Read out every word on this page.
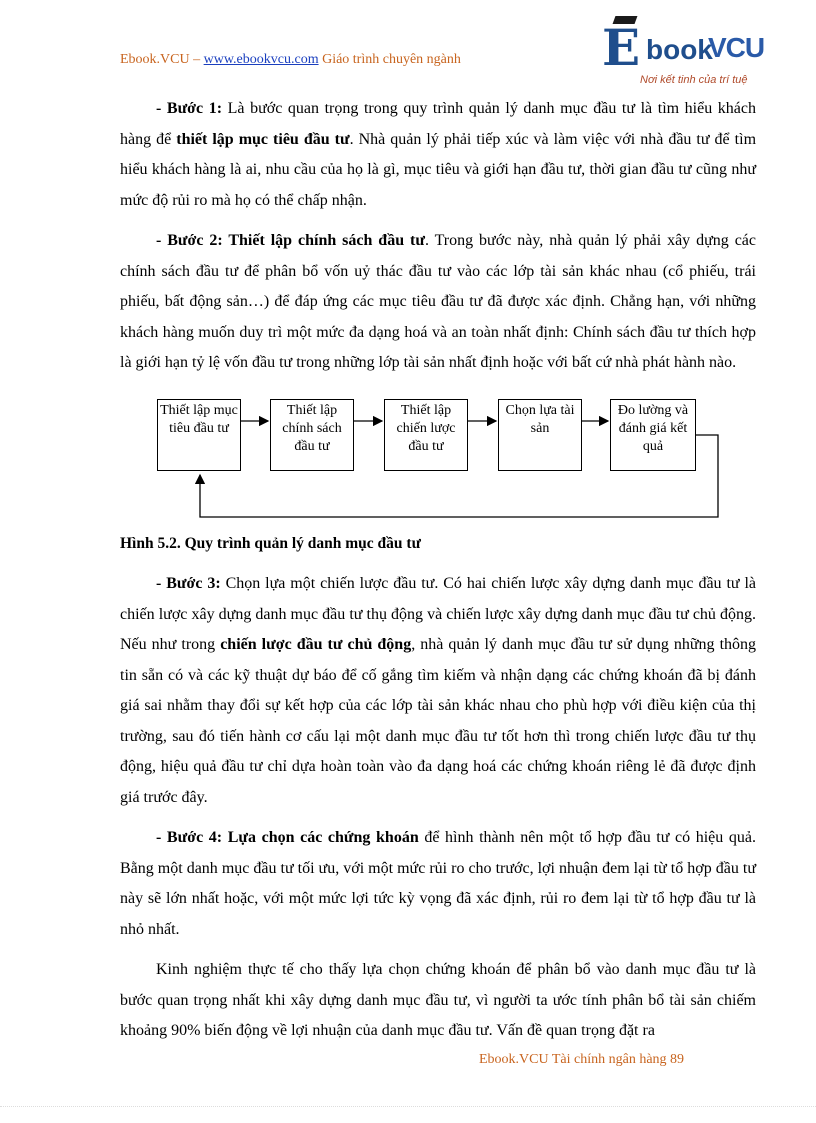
Ebook.VCU – www.ebookvcu.com Giáo trình chuyên ngành	E book
VCU
Nơi kết tinh của trí tuệ

- Bước 1: Là bước quan trọng trong quy trình quản lý danh mục đầu tư là tìm hiểu khách hàng để thiết lập mục tiêu đầu tư. Nhà quản lý phải tiếp xúc và làm việc với nhà đầu tư để tìm hiểu khách hàng là ai, nhu cầu của họ là gì, mục tiêu và giới hạn đầu tư, thời gian đầu tư cũng như mức độ rủi ro mà họ có thể chấp nhận.

- Bước 2: Thiết lập chính sách đầu tư. Trong bước này, nhà quản lý phải xây dựng các chính sách đầu tư để phân bổ vốn uỷ thác đầu tư vào các lớp tài sản khác nhau (cổ phiếu, trái phiếu, bất động sản…) để đáp ứng các mục tiêu đầu tư đã được xác định. Chẳng hạn, với những khách hàng muốn duy trì một mức đa dạng hoá và an toàn nhất định: Chính sách đầu tư thích hợp là giới hạn tỷ lệ vốn đầu tư trong những lớp tài sản nhất định hoặc với bất cứ nhà phát hành nào.

Thiết lập mục tiêu đầu tư
Thiết lập chính sách đầu tư
Thiết lập chiến lược đầu tư
Chọn lựa tài sản
Đo lường và đánh giá kết quả

Hình 5.2. Quy trình quản lý danh mục đầu tư

- Bước 3: Chọn lựa một chiến lược đầu tư. Có hai chiến lược xây dựng danh mục đầu tư là chiến lược xây dựng danh mục đầu tư thụ động và chiến lược xây dựng danh mục đầu tư chủ động. Nếu như trong chiến lược đầu tư chủ động, nhà quản lý danh mục đầu tư sử dụng những thông tin sẵn có và các kỹ thuật dự báo để cố gắng tìm kiếm và nhận dạng các chứng khoán đã bị đánh giá sai nhằm thay đổi sự kết hợp của các lớp tài sản khác nhau cho phù hợp với điều kiện của thị trường, sau đó tiến hành cơ cấu lại một danh mục đầu tư tốt hơn thì trong chiến lược đầu tư thụ động, hiệu quả đầu tư chỉ dựa hoàn toàn vào đa dạng hoá các chứng khoán riêng lẻ đã được định giá trước đây.

- Bước 4: Lựa chọn các chứng khoán để hình thành nên một tổ hợp đầu tư có hiệu quả. Bằng một danh mục đầu tư tối ưu, với một mức rủi ro cho trước, lợi nhuận đem lại từ tổ hợp đầu tư này sẽ lớn nhất hoặc, với một mức lợi tức kỳ vọng đã xác định, rủi ro đem lại từ tổ hợp đầu tư là nhỏ nhất.

Kinh nghiệm thực tế cho thấy lựa chọn chứng khoán để phân bổ vào danh mục đầu tư là bước quan trọng nhất khi xây dựng danh mục đầu tư, vì người ta ước tính phân bổ tài sản chiếm khoảng 90% biến động về lợi nhuận của danh mục đầu tư. Vấn đề quan trọng đặt ra

Ebook.VCU Tài chính ngân hàng 89
